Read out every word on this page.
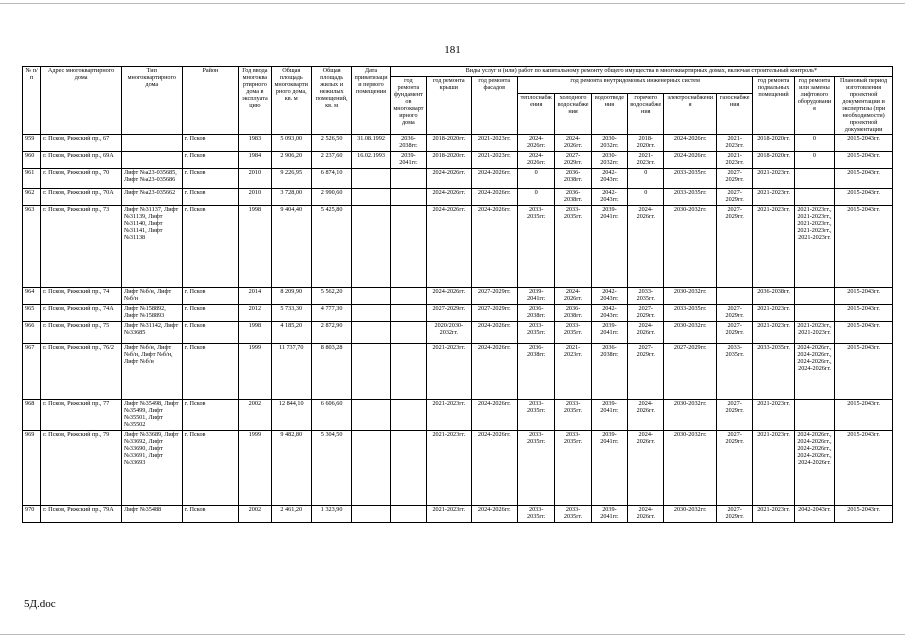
181
№ п/п	Адрес многоквартирного дома	Тип многоквартирного дома	Район	Год ввода многоквартирного дома в эксплуатацию	Общая площадь многоквартирного дома, кв. м	Общая площадь жилых и нежилых помещений, кв. м	Дата приватизации первого помещения	Виды услуг и (или) работ по капитальному ремонту общего имущества в многоквартирных домах, включая строительный контроль*											
								год ремонта фундаментов многоквартирного дома	год ремонта крыши	год ремонта фасадов	год ремонта внутридомовых инженерных систем						год ремонта подвальных помещений	год ремонта или замены лифтового оборудования	Плановый период изготовления проектной документации и экспертизы (при необходимости) проектной документации
											теплоснабжения	холодного водоснабжения	водоотведения	горячего водоснабжения	электроснабжения	газоснабжения			
959	г. Псков, Рижский пр., 67		г. Псков	1983	5 093,00	2 526,50	31.08.1992	2036-2038гг.	2018-2020гг.	2021-2023гг.	2024-2026гг.	2024-2026гг.	2030-2032гг.	2018-2020гг.	2024-2026гг.	2021-2023гг.	2018-2020гг.	0	2015-2043гг.
960	г. Псков, Рижский пр., 69А		г. Псков	1984	2 906,20	2 237,60	16.02.1993	2039-2041гг.	2018-2020гг.	2021-2023гг.	2024-2026гг.	2027-2029гг.	2030-2032гг.	2021-2023гг.	2024-2026гг.	2021-2023гг.	2018-2020гг.	0	2015-2043гг.
961	г. Псков, Рижский пр., 70	Лифт №а23-035685, Лифт №а23-035686	г. Псков	2010	9 226,95	6 874,10			2024-2026гг.	2024-2026гг.	0	2036-2038гг.	2042-2043гг.	0	2033-2035гг.	2027-2029гг.	2021-2023гг.		2015-2043гг.
962	г. Псков, Рижский пр., 70А	Лифт №а23-035662	г. Псков	2010	3 728,00	2 990,60			2024-2026гг.	2024-2026гг.	0	2036-2038гг.	2042-2043гг.	0	2033-2035гг.	2027-2029гг.	2021-2023гг.		2015-2043гг.
963	г. Псков, Рижский пр., 73	Лифт №31137, Лифт №31139, Лифт №31140, Лифт №31141, Лифт №31138	г. Псков	1998	9 404,40	5 425,80			2024-2026гг.	2024-2026гг.	2033-2035гг.	2033-2035гг.	2039-2041гг.	2024-2026гг.	2030-2032гг.	2027-2029гг.	2021-2023гг.	2021-2023гг., 2021-2023гг., 2021-2023гг., 2021-2023гг., 2021-2023гг.	2015-2043гг.
964	г. Псков, Рижский пр., 74	Лифт №б/н, Лифт №б/н	г. Псков	2014	8 209,90	5 562,20			2024-2026гг.	2027-2029гг.	2039-2041гг.	2024-2026гг.	2042-2043гг.	2033-2035гг.	2030-2032гг.		2036-2038гг.		2015-2043гг.
965	г. Псков, Рижский пр., 74А	Лифт №158892, Лифт №158893	г. Псков	2012	5 733,30	4 777,30			2027-2029гг.	2027-2029гг.	2036-2038гг.	2036-2038гг.	2042-2043гг.	2027-2029гг.	2033-2035гг.	2027-2029гг.	2021-2023гг.		2015-2043гг.
966	г. Псков, Рижский пр., 75	Лифт №31142, Лифт №33685	г. Псков	1998	4 185,20	2 872,90			2020/2030-2032гг.	2024-2026гг.	2033-2035гг.	2033-2035гг.	2039-2041гг.	2024-2026гг.	2030-2032гг.	2027-2029гг.	2021-2023гг.	2021-2023гг., 2021-2023гг.	2015-2043гг.
967	г. Псков, Рижский пр., 76/2	Лифт №б/н, Лифт №б/н, Лифт №б/н, Лифт №б/н	г. Псков	1999	11 737,70	8 803,28			2021-2023гг.	2024-2026гг.	2036-2038гг.	2021-2023гг.	2036-2038гг.	2027-2029гг.	2027-2029гг.	2033-2035гг.	2033-2035гг.	2024-2026гг., 2024-2026гг., 2024-2026гг., 2024-2026гг.	2015-2043гг.
968	г. Псков, Рижский пр., 77	Лифт №35498, Лифт №35499, Лифт №35501, Лифт №35502	г. Псков	2002	12 844,10	6 606,60			2021-2023гг.	2024-2026гг.	2033-2035гг.	2033-2035гг.	2039-2041гг.	2024-2026гг.	2030-2032гг.	2027-2029гг.	2021-2023гг.		2015-2043гг.
969	г. Псков, Рижский пр., 79	Лифт №33689, Лифт №33692, Лифт №33690, Лифт №33691, Лифт №33693	г. Псков	1999	9 482,80	5 304,50			2021-2023гг.	2024-2026гг.	2033-2035гг.	2033-2035гг.	2039-2041гг.	2024-2026гг.	2030-2032гг.	2027-2029гг.	2021-2023гг.	2024-2026гг., 2024-2026гг., 2024-2026гг., 2024-2026гг., 2024-2026гг.	2015-2043гг.
970	г. Псков, Рижский пр., 79А	Лифт №35488	г. Псков	2002	2 461,20	1 323,90			2021-2023гг.	2024-2026гг.	2033-2035гг.	2033-2035гг.	2039-2041гг.	2024-2026гг.	2030-2032гг.	2027-2029гг.	2021-2023гг.	2042-2043гг.	2015-2043гг.
5Д.doc
